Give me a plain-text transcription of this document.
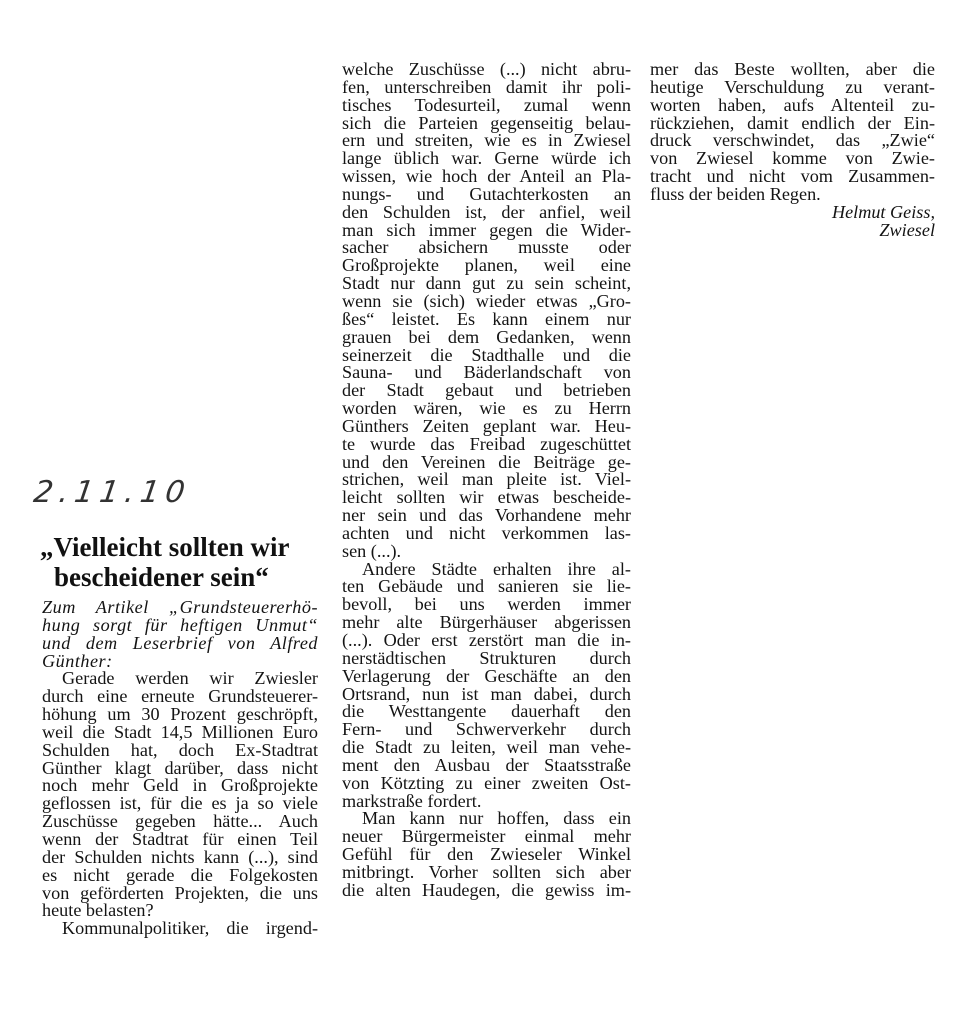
2.11.10
„Vielleicht sollten wir
bescheidener sein“
Zum Artikel „Grundsteuererhö-
hung sorgt für heftigen Unmut“
und dem Leserbrief von Alfred
Günther:
Gerade werden wir Zwiesler
durch eine erneute Grundsteuerer-
höhung um 30 Prozent geschröpft,
weil die Stadt 14,5 Millionen Euro
Schulden hat, doch Ex-Stadtrat
Günther klagt darüber, dass nicht
noch mehr Geld in Großprojekte
geflossen ist, für die es ja so viele
Zuschüsse gegeben hätte... Auch
wenn der Stadtrat für einen Teil
der Schulden nichts kann (...), sind
es nicht gerade die Folgekosten
von geförderten Projekten, die uns
heute belasten?
Kommunalpolitiker, die irgend-
welche Zuschüsse (...) nicht abru-
fen, unterschreiben damit ihr poli-
tisches Todesurteil, zumal wenn
sich die Parteien gegenseitig belau-
ern und streiten, wie es in Zwiesel
lange üblich war. Gerne würde ich
wissen, wie hoch der Anteil an Pla-
nungs- und Gutachterkosten an
den Schulden ist, der anfiel, weil
man sich immer gegen die Wider-
sacher absichern musste oder
Großprojekte planen, weil eine
Stadt nur dann gut zu sein scheint,
wenn sie (sich) wieder etwas „Gro-
ßes“ leistet. Es kann einem nur
grauen bei dem Gedanken, wenn
seinerzeit die Stadthalle und die
Sauna- und Bäderlandschaft von
der Stadt gebaut und betrieben
worden wären, wie es zu Herrn
Günthers Zeiten geplant war. Heu-
te wurde das Freibad zugeschüttet
und den Vereinen die Beiträge ge-
strichen, weil man pleite ist. Viel-
leicht sollten wir etwas bescheide-
ner sein und das Vorhandene mehr
achten und nicht verkommen las-
sen (...).
Andere Städte erhalten ihre al-
ten Gebäude und sanieren sie lie-
bevoll, bei uns werden immer
mehr alte Bürgerhäuser abgerissen
(...). Oder erst zerstört man die in-
nerstädtischen Strukturen durch
Verlagerung der Geschäfte an den
Ortsrand, nun ist man dabei, durch
die Westtangente dauerhaft den
Fern- und Schwerverkehr durch
die Stadt zu leiten, weil man vehe-
ment den Ausbau der Staatsstraße
von Kötzting zu einer zweiten Ost-
markstraße fordert.
Man kann nur hoffen, dass ein
neuer Bürgermeister einmal mehr
Gefühl für den Zwieseler Winkel
mitbringt. Vorher sollten sich aber
die alten Haudegen, die gewiss im-
mer das Beste wollten, aber die
heutige Verschuldung zu verant-
worten haben, aufs Altenteil zu-
rückziehen, damit endlich der Ein-
druck verschwindet, das „Zwie“
von Zwiesel komme von Zwie-
tracht und nicht vom Zusammen-
fluss der beiden Regen.
Helmut Geiss,
Zwiesel
